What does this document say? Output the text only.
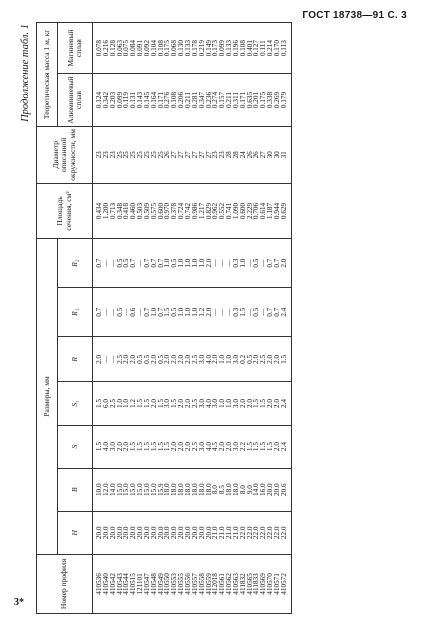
ГОСТ 18738—91 С. 3
3*
Продолжение табл. 1
Номер профиля	Размеры, мм							Площадь сечения, см²	Диаметр описанной окружности, мм	Теоретическая масса 1 м, кг	
	H	B	S	S₁	R	R₁	R₂			Алюминиевый сплав	Магниевый сплав
410536	20.0	10.0	1.5	1.5	2.0	0.7	0.7	0.434	23	0.124	0.078
410540	20.0	12.0	4.0	6.0	—	—	—	1.200	23	0.342	0.216
410542	20.0	14.0	3.0	2.5	—	—	—	0.713	23	0.203	0.128
410543	20.0	15.0	2.0	1.0	2.5	0.5	0.5	0.348	25	0.099	0.063
410544	20.0	15.0	2.0	1.0	2.0	—	0.5	0.418	25	0.119	0.075
410515	20.0	15.0	1.5	1.2	2.0	0.6	0.7	0.460	25	0.131	0.084
121101	20.0	15.0	1.5	1.5	0.5	—	—	0.503	25	0.143	0.091
410547	20.0	15.0	1.5	1.5	0.5	0.7	0.7	0.509	25	0.145	0.092
410548	20.0	15.0	1.5	2.0	2.0	1.0	0.7	0.575	25	0.164	0.104
410549	20.0	15.9	1.5	1.5	0.5	0.7	0.7	0.600	25	0.171	0.108
410550	20.0	18.0	1.5	3.0	2.0	1.5	1.0	0.970	26	0.276	0.175
410553	20.0	18.0	2.0	1.5	2.0	0.5	0.5	0.378	27	0.108	0.068
410555	20.0	18.0	2.0	2.0	2.0	1.0	1.0	0.724	27	0.206	0.130
410556	20.0	18.0	2.0	2.0	2.0	1.0	1.0	0.742	27	0.211	0.133
410557	20.0	18.0	2.5	2.5	2.5	1.0	1.0	0.986	27	0.281	0.178
410558	20.0	18.0	3.0	3.0	3.0	1.2	1.0	1.217	27	0.347	0.219
410559	20.0	18.0	4.0	4.0	4.0	2.0	2.0	0.829	27	0.236	0.149
412018	21.0	8.0	4.5	3.0	2.0	—	—	0.962	23	0.274	0.173
410561	21.0	8.5	2.0	1.0	1.0	—	—	0.552	23	0.157	0.099
410562	21.0	18.0	2.0	1.0	1.0	—	—	0.741	28	0.211	0.133
410563	21.0	18.0	3.0	3.0	3.0	0.3	0.3	1.090	28	0.311	0.196
411832	22.0	8.0	2.2	2.0	0.2	1.5	1.0	0.600	24	0.171	0.108
410565	22.0	9.0	1.5	2.0	0.5	—	—	2.229	26	0.635	0.401
411833	22.0	14.0	1.5	1.5	2.0	0.5	0.5	0.706	26	0.201	0.127
410569	22.0	16.0	1.5	1.5	2.5	—	—	0.614	27	0.175	0.111
410570	22.0	20.0	1.5	2.0	2.0	0.7	0.7	1.187	30	0.338	0.214
410571	22.0	20.0	2.0	2.0	2.0	0.7	0.7	0.944	30	0.269	0.170
410572	22.0	20.6	2.4	2.4	1.5	2.4	2.0	0.629	31	0.179	0.113
